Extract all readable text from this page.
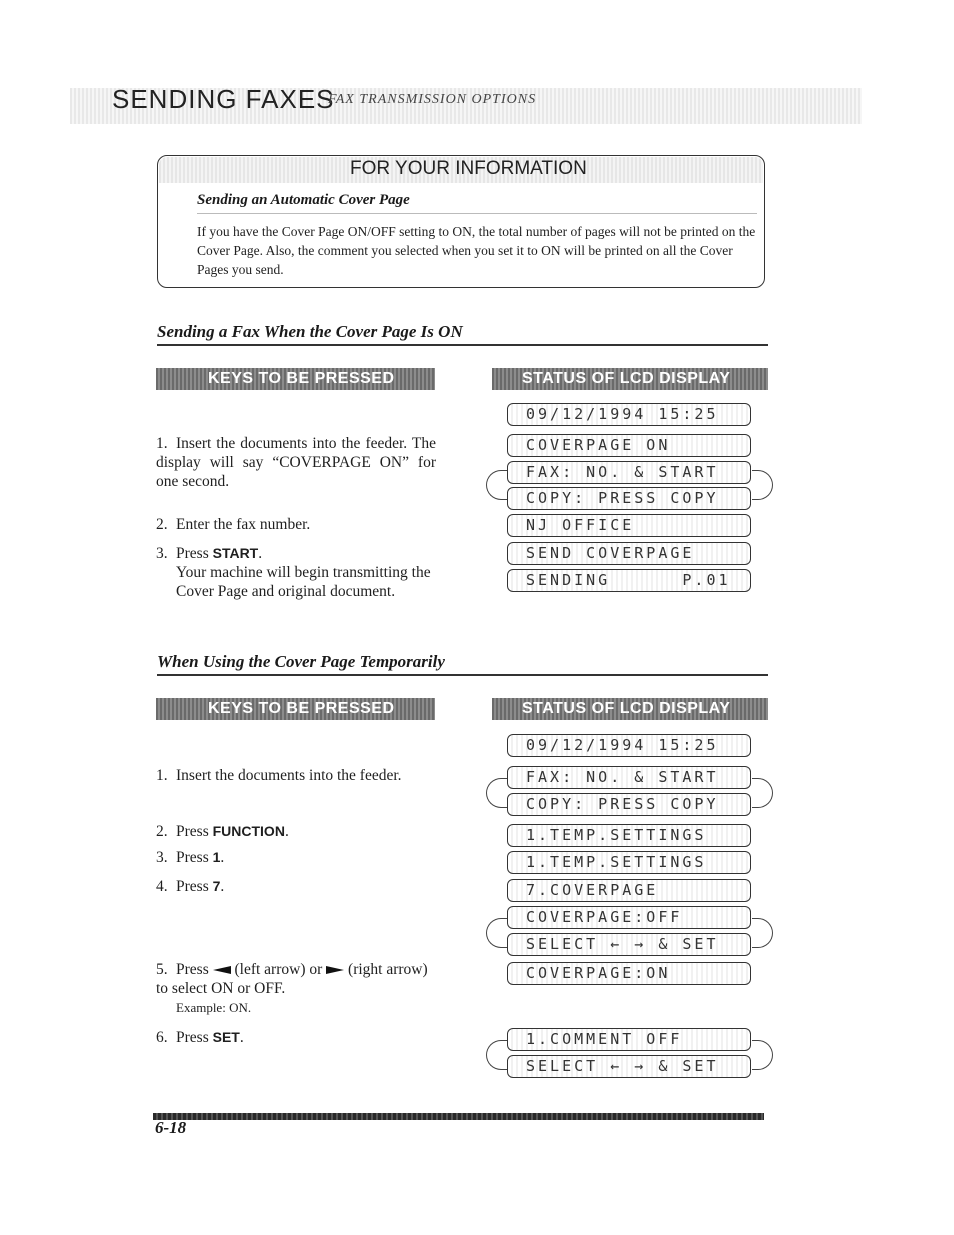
SENDING FAXES
FAX TRANSMISSION OPTIONS
FOR YOUR INFORMATION
Sending an Automatic Cover Page
If you have the Cover Page ON/OFF setting to ON, the total number of pages will not be printed on the Cover Page. Also, the comment you selected when you set it to ON will be printed on all the Cover Pages you send.
Sending a Fax When the Cover Page Is ON
KEYS TO BE PRESSED	STATUS OF LCD DISPLAY
1. Insert the documents into the feeder. The display will say “COVERPAGE ON” for one second.
2. Enter the fax number.
3. Press START.
Your machine will begin transmitting the Cover Page and original document.
09/12/1994 15:25
COVERPAGE ON
FAX: NO. & START
COPY: PRESS COPY
NJ OFFICE
SEND COVERPAGE
SENDING      P.01
When Using the Cover Page Temporarily
KEYS TO BE PRESSED	STATUS OF LCD DISPLAY
1. Insert the documents into the feeder.
2. Press FUNCTION.
3. Press 1.
4. Press 7.
5. Press  (left arrow) or  (right arrow) to select ON or OFF.
Example: ON.
6. Press SET.
09/12/1994 15:25
FAX: NO. & START
COPY: PRESS COPY
1.TEMP.SETTINGS
1.TEMP.SETTINGS
7.COVERPAGE
COVERPAGE:OFF
SELECT ← → & SET
COVERPAGE:ON
1.COMMENT OFF
SELECT ← → & SET
6-18
